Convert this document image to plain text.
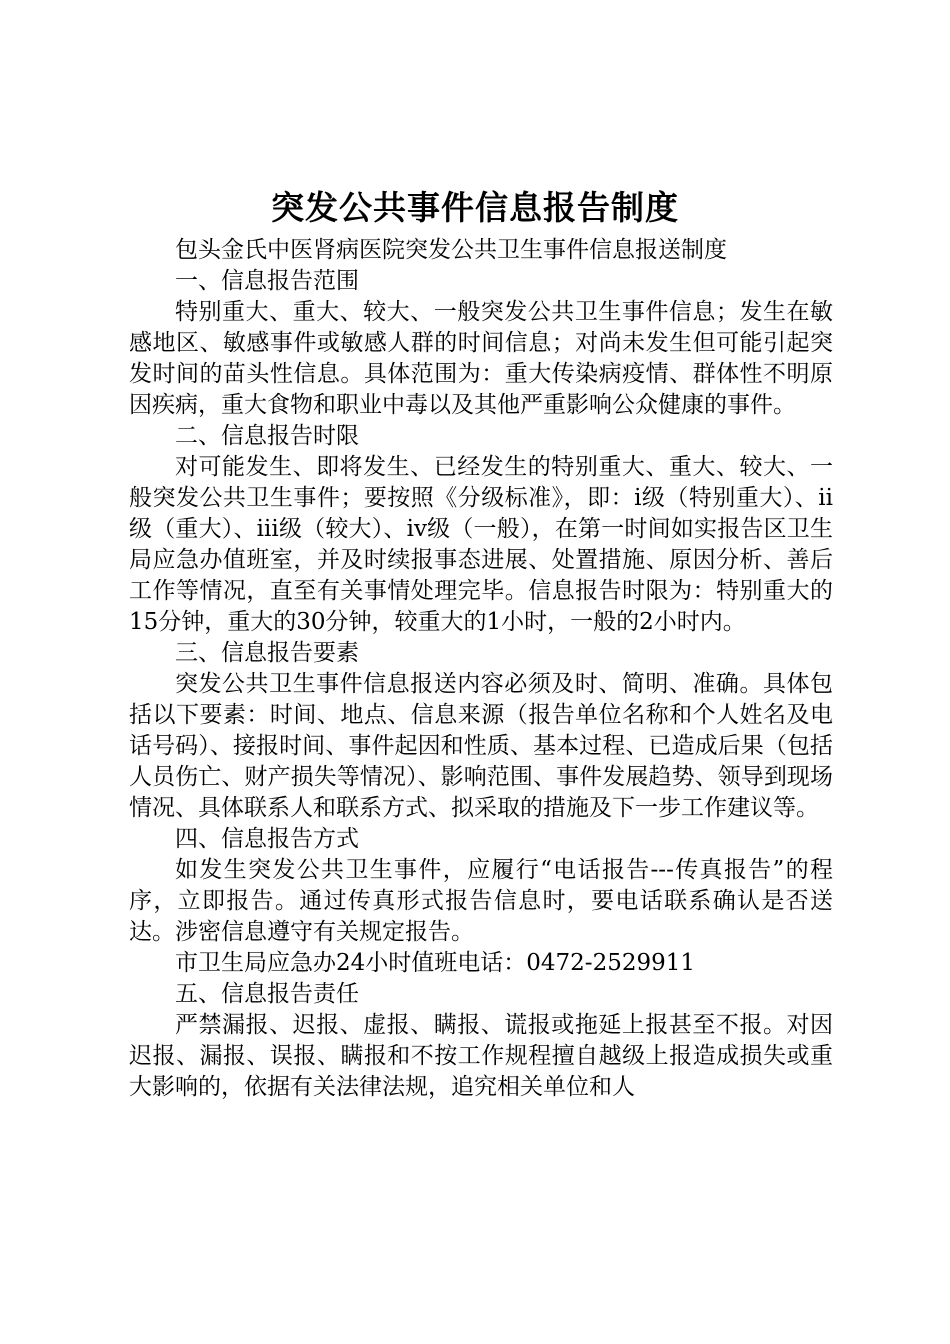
突发公共事件信息报告制度

包头金氏中医肾病医院突发公共卫生事件信息报送制度

一、信息报告范围

特别重大、重大、较大、一般突发公共卫生事件信息；发生在敏感地区、敏感事件或敏感人群的时间信息；对尚未发生但可能引起突发时间的苗头性信息。具体范围为：重大传染病疫情、群体性不明原因疾病，重大食物和职业中毒以及其他严重影响公众健康的事件。

二、信息报告时限

对可能发生、即将发生、已经发生的特别重大、重大、较大、一般突发公共卫生事件；要按照《分级标准》，即：i级（特别重大）、ii级（重大）、iii级（较大）、iv级（一般），在第一时间如实报告区卫生局应急办值班室，并及时续报事态进展、处置措施、原因分析、善后工作等情况，直至有关事情处理完毕。信息报告时限为：特别重大的15分钟，重大的30分钟，较重大的1小时，一般的2小时内。

三、信息报告要素

突发公共卫生事件信息报送内容必须及时、简明、准确。具体包括以下要素：时间、地点、信息来源（报告单位名称和个人姓名及电话号码）、接报时间、事件起因和性质、基本过程、已造成后果（包括人员伤亡、财产损失等情况）、影响范围、事件发展趋势、领导到现场情况、具体联系人和联系方式、拟采取的措施及下一步工作建议等。

四、信息报告方式

如发生突发公共卫生事件，应履行“电话报告---传真报告”的程序，立即报告。通过传真形式报告信息时，要电话联系确认是否送达。涉密信息遵守有关规定报告。

市卫生局应急办24小时值班电话：0472-2529911

五、信息报告责任

严禁漏报、迟报、虚报、瞒报、谎报或拖延上报甚至不报。对因迟报、漏报、误报、瞒报和不按工作规程擅自越级上报造成损失或重大影响的，依据有关法律法规，追究相关单位和人
